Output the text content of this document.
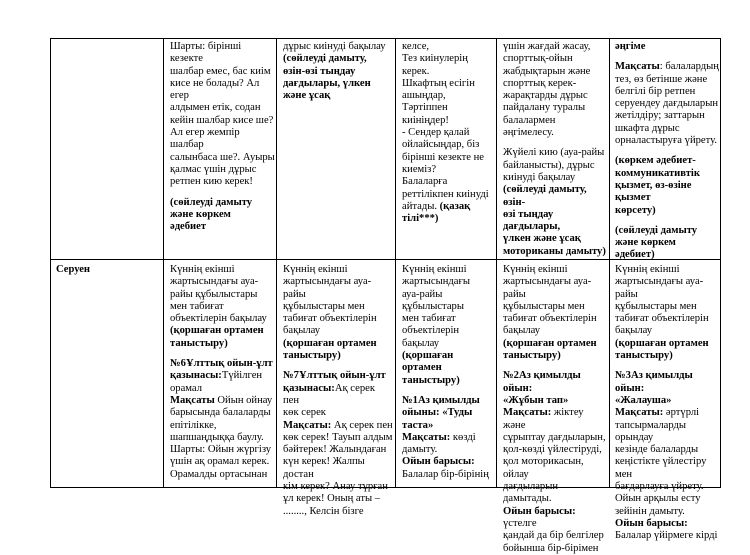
Серуен

Шарты: бірінші кезекте

шалбар емес, бас киім

кисе не болады? Ал егер

алдымен етік, содан

кейін шалбар кисе ше?

Ал егер жемпір шалбар

салынбаса ше?. Ауыры

қалмас үшін дұрыс

ретпен кию керек!

(сөйлеуді дамыту

және көркем

әдебиет

дұрыс киінуді бақылау

(сөйлеуді дамыту,

өзін-өзі тыңдау

дағдылары, үлкен

және ұсақ

келсе,

Тез киінулерің

керек.

Шкафтың есігін

ашыңдар,

Тәртіппен

киініңдер!

- Сендер қалай

ойлайсыңдар, біз

бірінші кезекте не

киеміз?

Балаларға

реттілікпен киінуді

айтады. (қазақ

тілі***)

үшін жағдай жасау,

спорттық-ойын

жабдықтарын және

спорттық керек-

жарақтарды дұрыс

пайдалану туралы

балалармен

әңгімелесу.

Жүйелі кию (ауа-райы

байланысты), дұрыс

киінуді бақылау

(сөйлеуді дамыту, өзін-

өзі тыңдау дағдылары,

үлкен және ұсақ

моториканы дамыту)

әңгіме

Мақсаты: балалардың

тез, өз бетінше және

белгілі бір ретпен

серуендеу дағдыларын

жетілдіру; заттарын

шкафта дұрыс

орналастыруға үйрету.

(көркем әдебиет-

коммуникативтік

қызмет, өз-өзіне қызмет

көрсету)

(сөйлеуді дамыту

және көркем

әдебиет)

Күннің екінші

жартысындағы ауа-

райы құбылыстары

мен табиғат

объектілерін бақылау

(қоршаған ортамен

таныстыру)

№6Ұлттық ойын-ұлт

қазынасы:Түйілген

орамал

Мақсаты Ойын ойнау

барысында балаларды

епітілікке,

шапшаңдыққа баулу.

Шарты: Ойын жүргізу

үшін ақ орамал керек.

Орамалды ортасынан

Күннің екінші

жартысындағы ауа-райы

құбылыстары мен

табиғат объектілерін

бақылау

(қоршаған ортамен

таныстыру)

№7Ұлттық ойын-ұлт

қазынасы:Ақ серек пен

көк серек

Мақсаты: Ақ серек пен

көк серек! Тауып алдым

бәйтерек! Жалындаған

күн керек! Жалпы достан

кім керек? Анау тұрған

ұл керек! Оның аты –

........, Келсін бізге

Күннің екінші

жартысындағы

ауа-райы

құбылыстары

мен табиғат

объектілерін

бақылау

(қоршаған

ортамен

таныстыру)

№1Аз қимылды

ойыны: «Туды

таста»

Мақсаты: көзді

дамыту.

Ойын барысы:

Балалар бір-бірінің

Күннің екінші

жартысындағы ауа-райы

құбылыстары мен

табиғат объектілерін

бақылау

(қоршаған ортамен

таныстыру)

№2Аз қимылды ойын:

«Жұбын тап»

Мақсаты: жіктеу және

сұрыптау дағдыларын,

қол-көзді үйлестіруді,

қол моторикасын, ойлау

дағдыларын дамытады.

Ойын барысы: үстелге

қандай да бір белгілер

бойынша бір-бірімен

Күннің екінші

жартысындағы ауа-райы

құбылыстары мен

табиғат объектілерін

бақылау

(қоршаған ортамен

таныстыру)

№3Аз қимылды ойын:

«Жалауша»

Мақсаты: әртүрлі

тапсырмаларды орындау

кезінде балаларды

кеңістікте үйлестіру мен

бағдарлауға үйрету.

Ойын арқылы есту

зейінін дамыту.

Ойын барысы:

Балалар үйірмеге кірді
